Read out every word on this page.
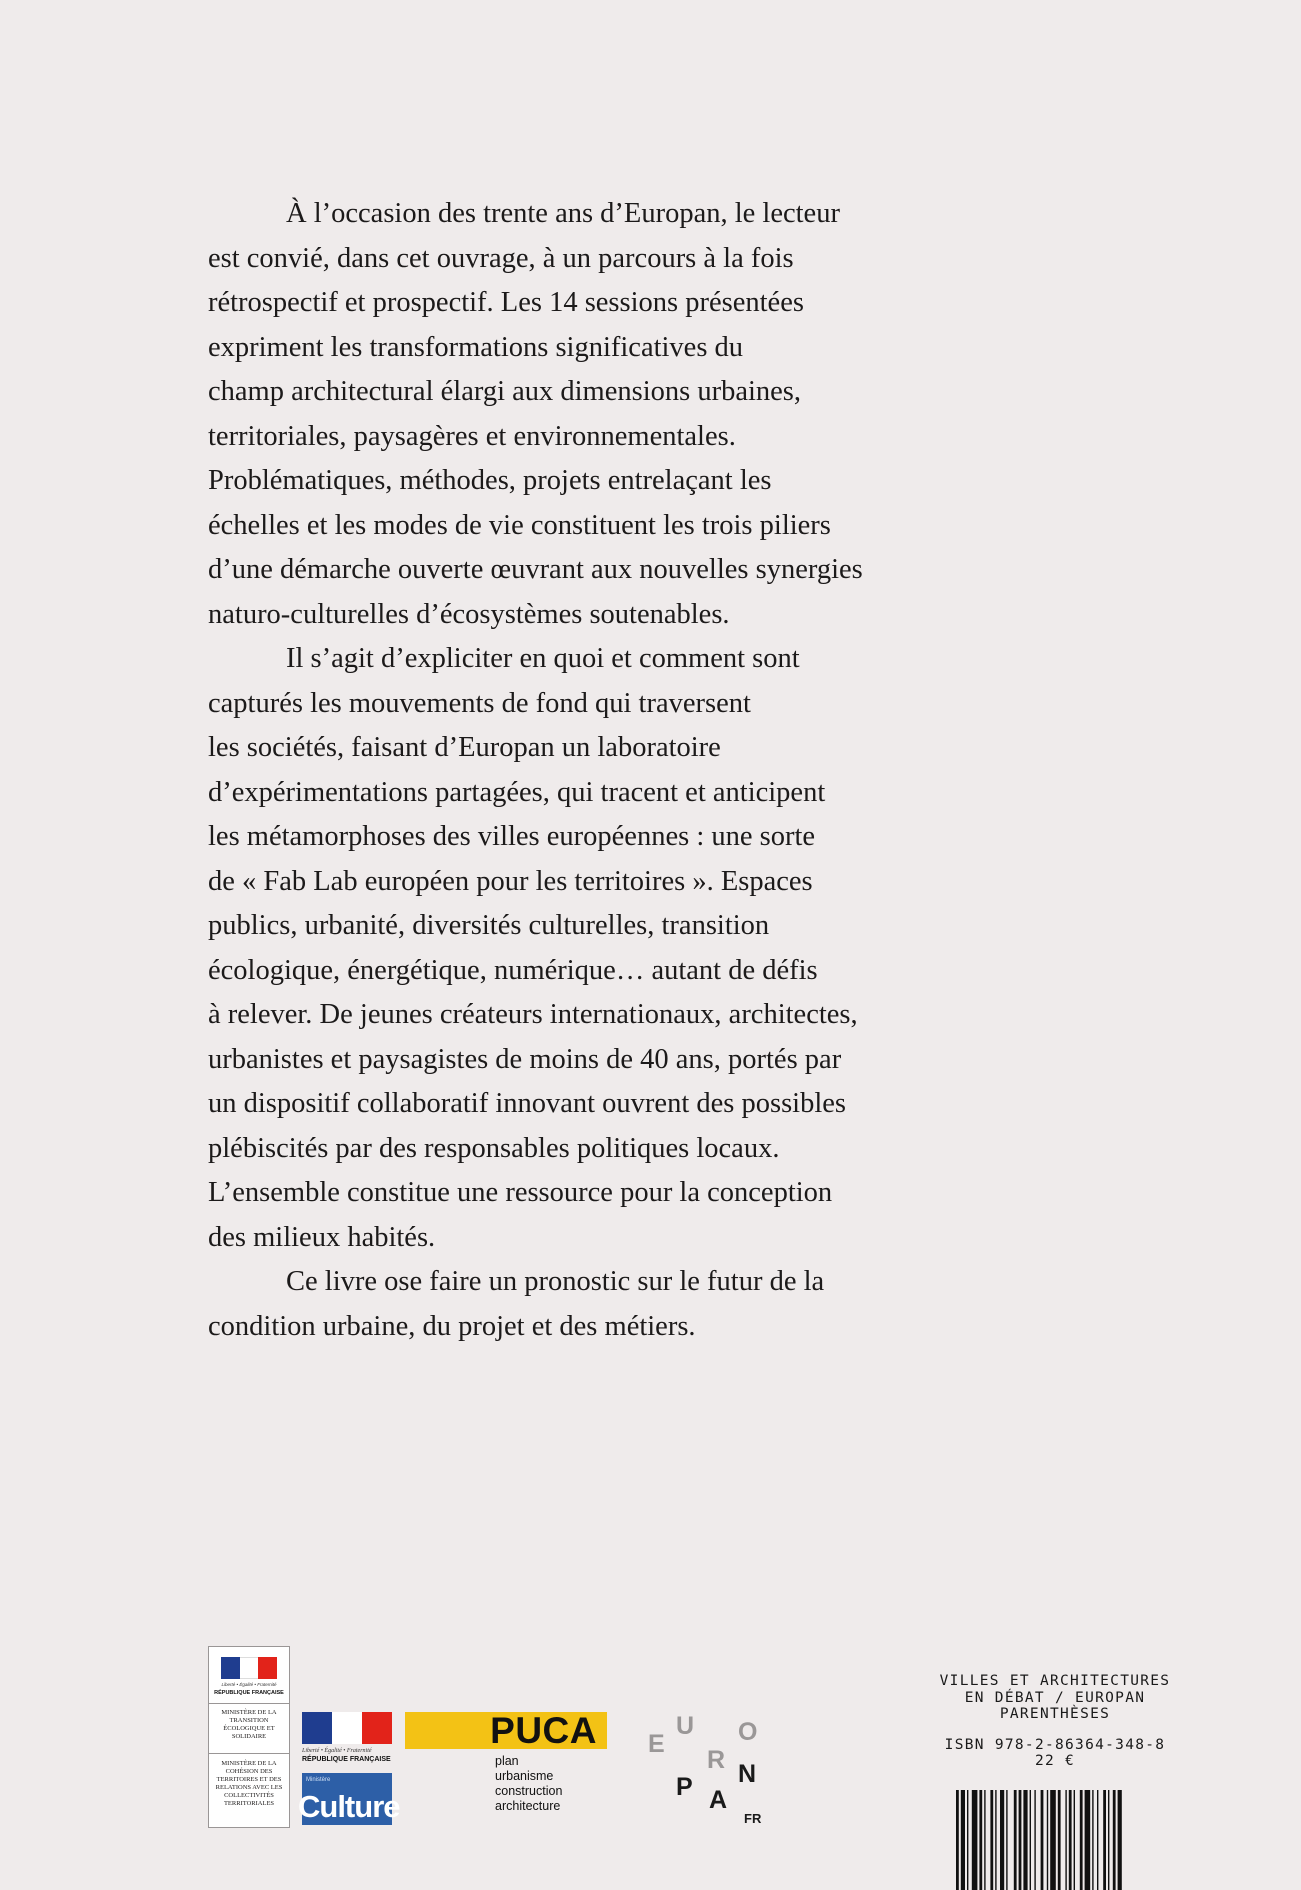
À l’occasion des trente ans d’Europan, le lecteur
est convié, dans cet ouvrage, à un parcours à la fois
rétrospectif et prospectif. Les 14 sessions présentées
expriment les transformations significatives du
champ architectural élargi aux dimensions urbaines,
territoriales, paysagères et environnementales.
Problématiques, méthodes, projets entrelaçant les
échelles et les modes de vie constituent les trois piliers
d’une démarche ouverte œuvrant aux nouvelles synergies
naturo-culturelles d’écosystèmes soutenables.

Il s’agit d’expliciter en quoi et comment sont
capturés les mouvements de fond qui traversent
les sociétés, faisant d’Europan un laboratoire
d’expérimentations partagées, qui tracent et anticipent
les métamorphoses des villes européennes : une sorte
de « Fab Lab européen pour les territoires ». Espaces
publics, urbanité, diversités culturelles, transition
écologique, énergétique, numérique… autant de défis
à relever. De jeunes créateurs internationaux, architectes,
urbanistes et paysagistes de moins de 40 ans, portés par
un dispositif collaboratif innovant ouvrent des possibles
plébiscités par des responsables politiques locaux.
L’ensemble constitue une ressource pour la conception
des milieux habités.

Ce livre ose faire un pronostic sur le futur de la
condition urbaine, du projet et des métiers.

Liberté • Égalité • Fraternité
RÉPUBLIQUE FRANÇAISE
MINISTÈRE DE LA TRANSITION ÉCOLOGIQUE ET SOLIDAIRE
MINISTÈRE DE LA COHÉSION DES TERRITOIRES ET DES RELATIONS AVEC LES COLLECTIVITÉS TERRITORIALES
Liberté • Égalité • Fraternité
RÉPUBLIQUE FRANÇAISE
Ministère
Culture
PUCA
plan
urbanisme
construction
architecture
E
U
R
O
P A
N
FR
VILLES ET ARCHITECTURES
EN DÉBAT / EUROPAN
PARENTHÈSES
ISBN 978-2-86364-348-8
22 €
